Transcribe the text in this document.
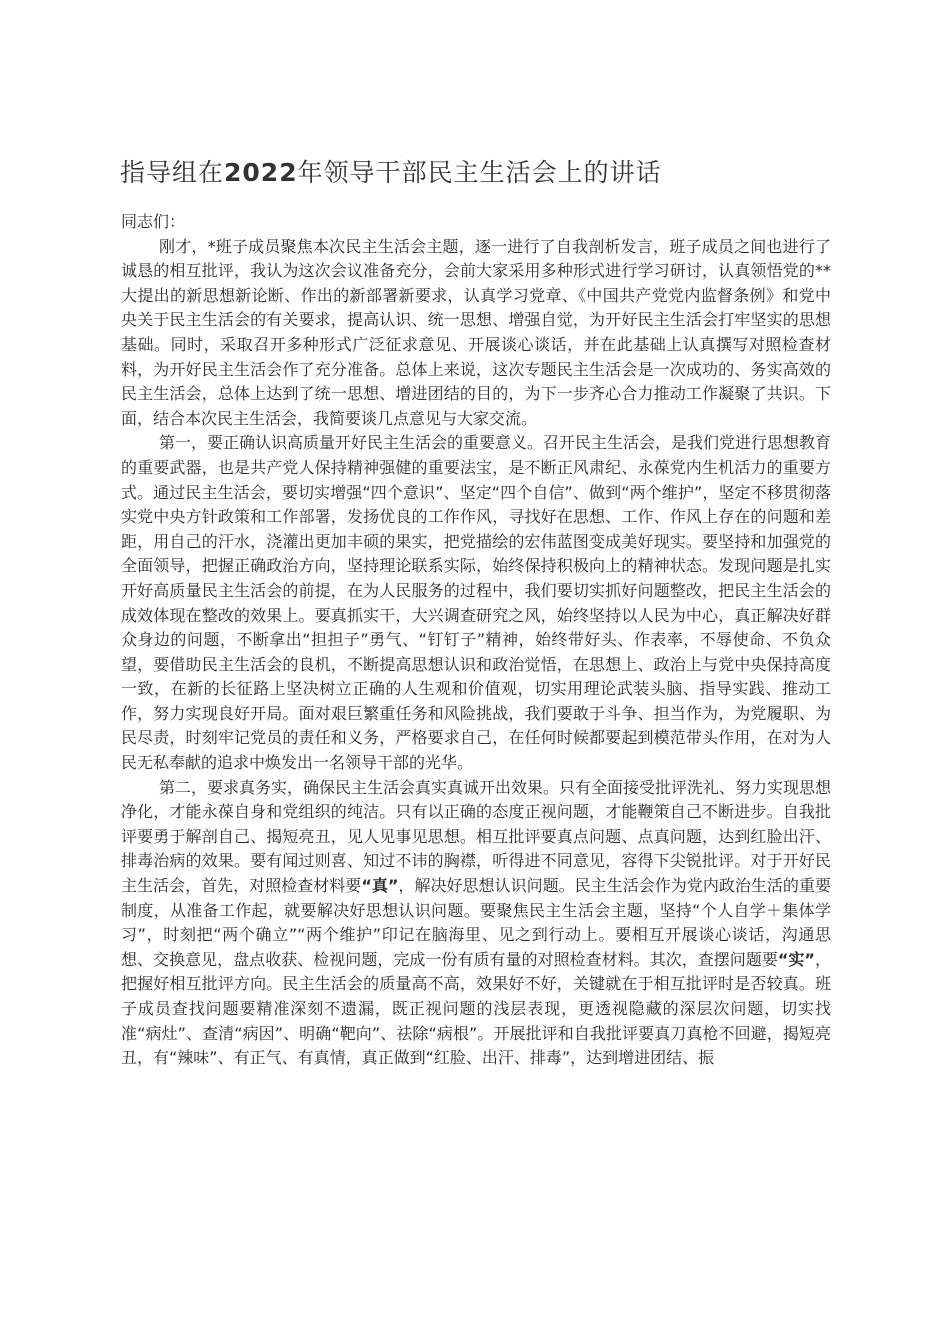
指导组在2022年领导干部民主生活会上的讲话

同志们：

刚才，*班子成员聚焦本次民主生活会主题，逐一进行了自我剖析发言，班子成员之间也进行了诚恳的相互批评，我认为这次会议准备充分，会前大家采用多种形式进行学习研讨，认真领悟党的**大提出的新思想新论断、作出的新部署新要求，认真学习党章、《中国共产党党内监督条例》和党中央关于民主生活会的有关要求，提高认识、统一思想、增强自觉，为开好民主生活会打牢坚实的思想基础。同时，采取召开多种形式广泛征求意见、开展谈心谈话，并在此基础上认真撰写对照检查材料，为开好民主生活会作了充分准备。总体上来说，这次专题民主生活会是一次成功的、务实高效的民主生活会，总体上达到了统一思想、增进团结的目的，为下一步齐心合力推动工作凝聚了共识。下面，结合本次民主生活会，我简要谈几点意见与大家交流。

第一，要正确认识高质量开好民主生活会的重要意义。召开民主生活会，是我们党进行思想教育的重要武器，也是共产党人保持精神强健的重要法宝，是不断正风肃纪、永葆党内生机活力的重要方式。通过民主生活会，要切实增强“四个意识”、坚定“四个自信”、做到“两个维护”，坚定不移贯彻落实党中央方针政策和工作部署，发扬优良的工作作风，寻找好在思想、工作、作风上存在的问题和差距，用自己的汗水，浇灌出更加丰硕的果实，把党描绘的宏伟蓝图变成美好现实。要坚持和加强党的全面领导，把握正确政治方向，坚持理论联系实际，始终保持积极向上的精神状态。发现问题是扎实开好高质量民主生活会的前提，在为人民服务的过程中，我们要切实抓好问题整改，把民主生活会的成效体现在整改的效果上。要真抓实干，大兴调查研究之风，始终坚持以人民为中心，真正解决好群众身边的问题，不断拿出“担担子”勇气、“钉钉子”精神，始终带好头、作表率，不辱使命、不负众望，要借助民主生活会的良机，不断提高思想认识和政治觉悟，在思想上、政治上与党中央保持高度一致，在新的长征路上坚决树立正确的人生观和价值观，切实用理论武装头脑、指导实践、推动工作，努力实现良好开局。面对艰巨繁重任务和风险挑战，我们要敢于斗争、担当作为，为党履职、为民尽责，时刻牢记党员的责任和义务，严格要求自己，在任何时候都要起到模范带头作用，在对为人民无私奉献的追求中焕发出一名领导干部的光华。

第二，要求真务实，确保民主生活会真实真诚开出效果。只有全面接受批评洗礼、努力实现思想净化，才能永葆自身和党组织的纯洁。只有以正确的态度正视问题，才能鞭策自己不断进步。自我批评要勇于解剖自己、揭短亮丑，见人见事见思想。相互批评要真点问题、点真问题，达到红脸出汗、排毒治病的效果。要有闻过则喜、知过不讳的胸襟，听得进不同意见，容得下尖锐批评。对于开好民主生活会，首先，对照检查材料要“真”，解决好思想认识问题。民主生活会作为党内政治生活的重要制度，从准备工作起，就要解决好思想认识问题。要聚焦民主生活会主题，坚持“个人自学＋集体学习”，时刻把“两个确立”“两个维护”印记在脑海里、见之到行动上。要相互开展谈心谈话，沟通思想、交换意见，盘点收获、检视问题，完成一份有质有量的对照检查材料。其次，查摆问题要“实”，把握好相互批评方向。民主生活会的质量高不高，效果好不好，关键就在于相互批评时是否较真。班子成员查找问题要精准深刻不遗漏，既正视问题的浅层表现，更透视隐藏的深层次问题，切实找准“病灶”、查清“病因”、明确“靶向”、祛除“病根”。开展批评和自我批评要真刀真枪不回避，揭短亮丑，有“辣味”、有正气、有真情，真正做到“红脸、出汗、排毒”，达到增进团结、振
